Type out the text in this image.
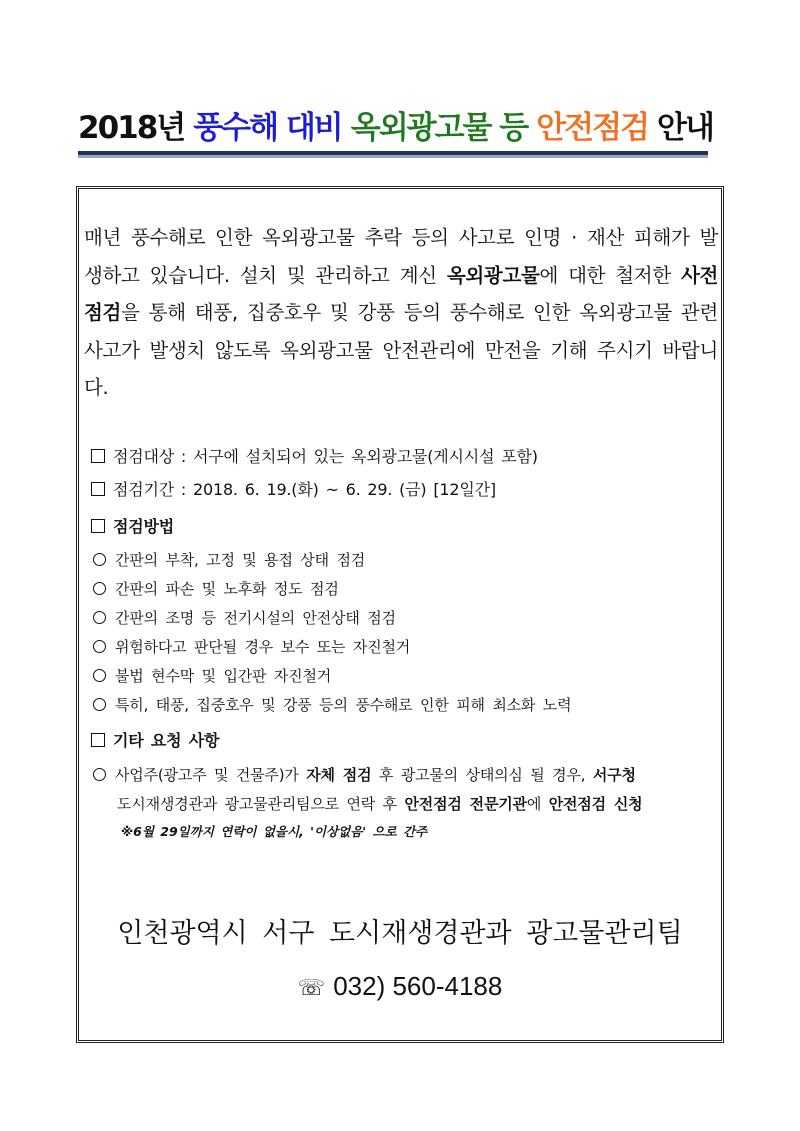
2018년 풍수해 대비 옥외광고물 등 안전점검 안내
매년 풍수해로 인한 옥외광고물 추락 등의 사고로 인명 · 재산 피해가 발생하고 있습니다. 설치 및 관리하고 계신 옥외광고물에 대한 철저한 사전 점검을 통해 태풍, 집중호우 및 강풍 등의 풍수해로 인한 옥외광고물 관련 사고가 발생치 않도록 옥외광고물 안전관리에 만전을 기해 주시기 바랍니다.
점검대상 : 서구에 설치되어 있는 옥외광고물(게시시설 포함)
점검기간 : 2018. 6. 19.(화) ~ 6. 29. (금) [12일간]
점검방법
간판의 부착, 고정 및 용접 상태 점검
간판의 파손 및 노후화 정도 점검
간판의 조명 등 전기시설의 안전상태 점검
위험하다고 판단될 경우 보수 또는 자진철거
불법 현수막 및 입간판 자진철거
특히, 태풍, 집중호우 및 강풍 등의 풍수해로 인한 피해 최소화 노력
기타 요청 사항
사업주(광고주 및 건물주)가 자체 점검 후 광고물의 상태의심 될 경우, 서구청
도시재생경관과 광고물관리팀으로 연락 후 안전점검 전문기관에 안전점검 신청
※6월 29일까지 연락이 없을시, '이상없음' 으로 간주
인천광역시 서구 도시재생경관과 광고물관리팀
☏ 032) 560-4188
